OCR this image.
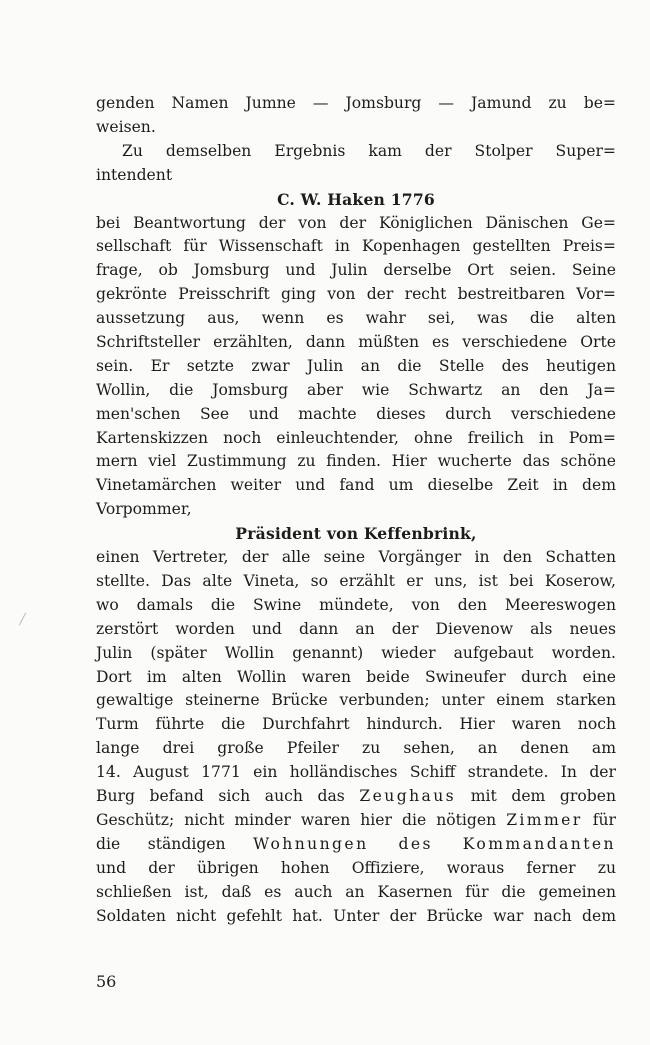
genden Namen Jumne — Jomsburg — Jamund zu be=
weisen.
Zu demselben Ergebnis kam der Stolper Super=
intendent
C. W. Haken 1776
bei Beantwortung der von der Königlichen Dänischen Ge=
sellschaft für Wissenschaft in Kopenhagen gestellten Preis=
frage, ob Jomsburg und Julin derselbe Ort seien. Seine
gekrönte Preisschrift ging von der recht bestreitbaren Vor=
aussetzung aus, wenn es wahr sei, was die alten
Schriftsteller erzählten, dann müßten es verschiedene Orte
sein. Er setzte zwar Julin an die Stelle des heutigen
Wollin, die Jomsburg aber wie Schwartz an den Ja=
men'schen See und machte dieses durch verschiedene
Kartenskizzen noch einleuchtender, ohne freilich in Pom=
mern viel Zustimmung zu finden. Hier wucherte das schöne
Vinetamärchen weiter und fand um dieselbe Zeit in dem
Vorpommer,
Präsident von Keffenbrink,
einen Vertreter, der alle seine Vorgänger in den Schatten
stellte. Das alte Vineta, so erzählt er uns, ist bei Koserow,
wo damals die Swine mündete, von den Meereswogen
zerstört worden und dann an der Dievenow als neues
Julin (später Wollin genannt) wieder aufgebaut worden.
Dort im alten Wollin waren beide Swineufer durch eine
gewaltige steinerne Brücke verbunden; unter einem starken
Turm führte die Durchfahrt hindurch. Hier waren noch
lange drei große Pfeiler zu sehen, an denen am
14. August 1771 ein holländisches Schiff strandete. In der
Burg befand sich auch das Zeughaus mit dem groben
Geschütz; nicht minder waren hier die nötigen Zimmer für
die ständigen Wohnungen des Kommandanten
und der übrigen hohen Offiziere, woraus ferner zu
schließen ist, daß es auch an Kasernen für die gemeinen
Soldaten nicht gefehlt hat. Unter der Brücke war nach dem
56
